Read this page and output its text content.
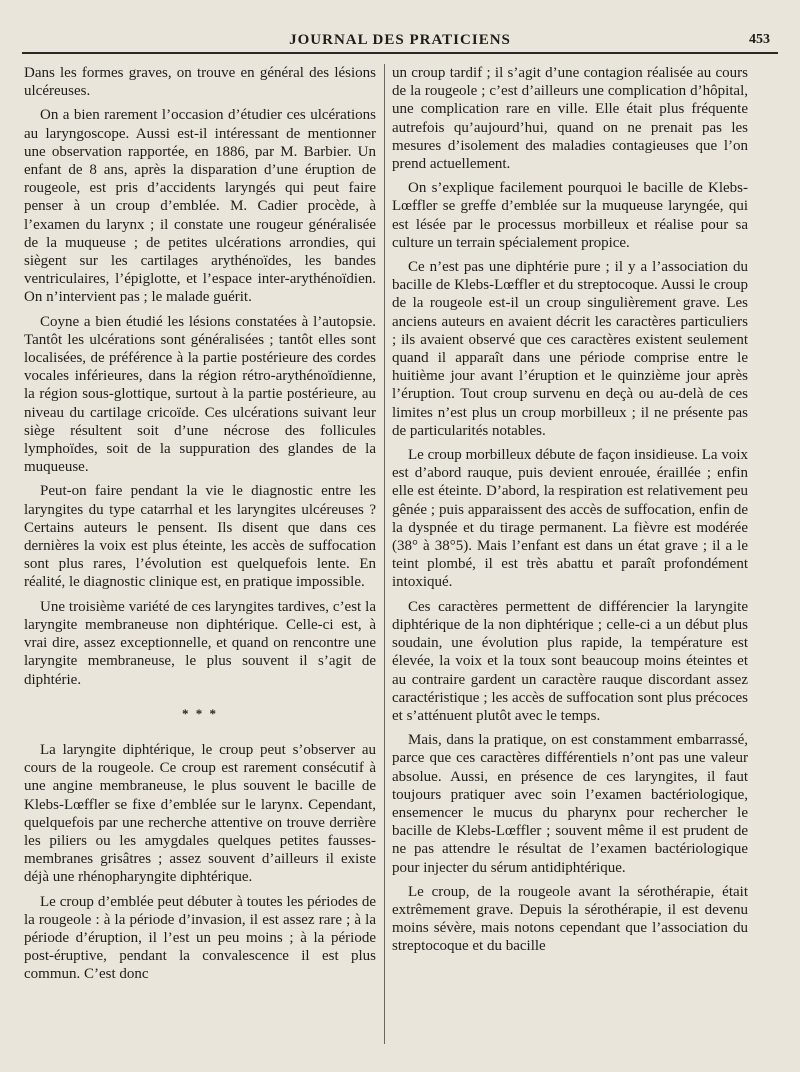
JOURNAL DES PRATICIENS	453

Dans les formes graves, on trouve en général des lésions ulcéreuses.

On a bien rarement l’occasion d’étudier ces ulcérations au laryngoscope. Aussi est-il intéressant de mentionner une observation rapportée, en 1886, par M. Barbier. Un enfant de 8 ans, après la disparation d’une éruption de rougeole, est pris d’accidents laryngés qui peut faire penser à un croup d’emblée. M. Cadier procède, à l’examen du larynx ; il constate une rougeur généralisée de la muqueuse ; de petites ulcérations arrondies, qui siègent sur les cartilages arythénoïdes, les bandes ventriculaires, l’épiglotte, et l’espace inter-arythénoïdien. On n’intervient pas ; le malade guérit.

Coyne a bien étudié les lésions constatées à l’autopsie. Tantôt les ulcérations sont généralisées ; tantôt elles sont localisées, de préférence à la partie postérieure des cordes vocales inférieures, dans la région rétro-arythénoïdienne, la région sous-glottique, surtout à la partie postérieure, au niveau du cartilage cricoïde. Ces ulcérations suivant leur siège résultent soit d’une nécrose des follicules lymphoïdes, soit de la suppuration des glandes de la muqueuse.

Peut-on faire pendant la vie le diagnostic entre les laryngites du type catarrhal et les laryngites ulcéreuses ? Certains auteurs le pensent. Ils disent que dans ces dernières la voix est plus éteinte, les accès de suffocation sont plus rares, l’évolution est quelquefois lente. En réalité, le diagnostic clinique est, en pratique impossible.

Une troisième variété de ces laryngites tardives, c’est la laryngite membraneuse non diphtérique. Celle-ci est, à vrai dire, assez exceptionnelle, et quand on rencontre une laryngite membraneuse, le plus souvent il s’agit de diphtérie.

* * *

La laryngite diphtérique, le croup peut s’observer au cours de la rougeole. Ce croup est rarement consécutif à une angine membraneuse, le plus souvent le bacille de Klebs-Lœffler se fixe d’emblée sur le larynx. Cependant, quelquefois par une recherche attentive on trouve derrière les piliers ou les amygdales quelques petites fausses-membranes grisâtres ; assez souvent d’ailleurs il existe déjà une rhénopharyngite diphtérique.

Le croup d’emblée peut débuter à toutes les périodes de la rougeole : à la période d’invasion, il est assez rare ; à la période d’éruption, il l’est un peu moins ; à la période post-éruptive, pendant la convalescence il est plus commun. C’est donc

un croup tardif ; il s’agit d’une contagion réalisée au cours de la rougeole ; c’est d’ailleurs une complication d’hôpital, une complication rare en ville. Elle était plus fréquente autrefois qu’aujourd’hui, quand on ne prenait pas les mesures d’isolement des maladies contagieuses que l’on prend actuellement.

On s’explique facilement pourquoi le bacille de Klebs-Lœffler se greffe d’emblée sur la muqueuse laryngée, qui est lésée par le processus morbilleux et réalise pour sa culture un terrain spécialement propice.

Ce n’est pas une diphtérie pure ; il y a l’association du bacille de Klebs-Lœffler et du streptocoque. Aussi le croup de la rougeole est-il un croup singulièrement grave. Les anciens auteurs en avaient décrit les caractères particuliers ; ils avaient observé que ces caractères existent seulement quand il apparaît dans une période comprise entre le huitième jour avant l’éruption et le quinzième jour après l’éruption. Tout croup survenu en deçà ou au-delà de ces limites n’est plus un croup morbilleux ; il ne présente pas de particularités notables.

Le croup morbilleux débute de façon insidieuse. La voix est d’abord rauque, puis devient enrouée, éraillée ; enfin elle est éteinte. D’abord, la respiration est relativement peu gênée ; puis apparaissent des accès de suffocation, enfin de la dyspnée et du tirage permanent. La fièvre est modérée (38° à 38°5). Mais l’enfant est dans un état grave ; il a le teint plombé, il est très abattu et paraît profondément intoxiqué.

Ces caractères permettent de différencier la laryngite diphtérique de la non diphtérique ; celle-ci a un début plus soudain, une évolution plus rapide, la température est élevée, la voix et la toux sont beaucoup moins éteintes et au contraire gardent un caractère rauque discordant assez caractéristique ; les accès de suffocation sont plus précoces et s’atténuent plutôt avec le temps.

Mais, dans la pratique, on est constamment embarrassé, parce que ces caractères différentiels n’ont pas une valeur absolue. Aussi, en présence de ces laryngites, il faut toujours pratiquer avec soin l’examen bactériologique, ensemencer le mucus du pharynx pour rechercher le bacille de Klebs-Lœffler ; souvent même il est prudent de ne pas attendre le résultat de l’examen bactériologique pour injecter du sérum antidiphtérique.

Le croup, de la rougeole avant la sérothérapie, était extrêmement grave. Depuis la sérothérapie, il est devenu moins sévère, mais notons cependant que l’association du streptocoque et du bacille
